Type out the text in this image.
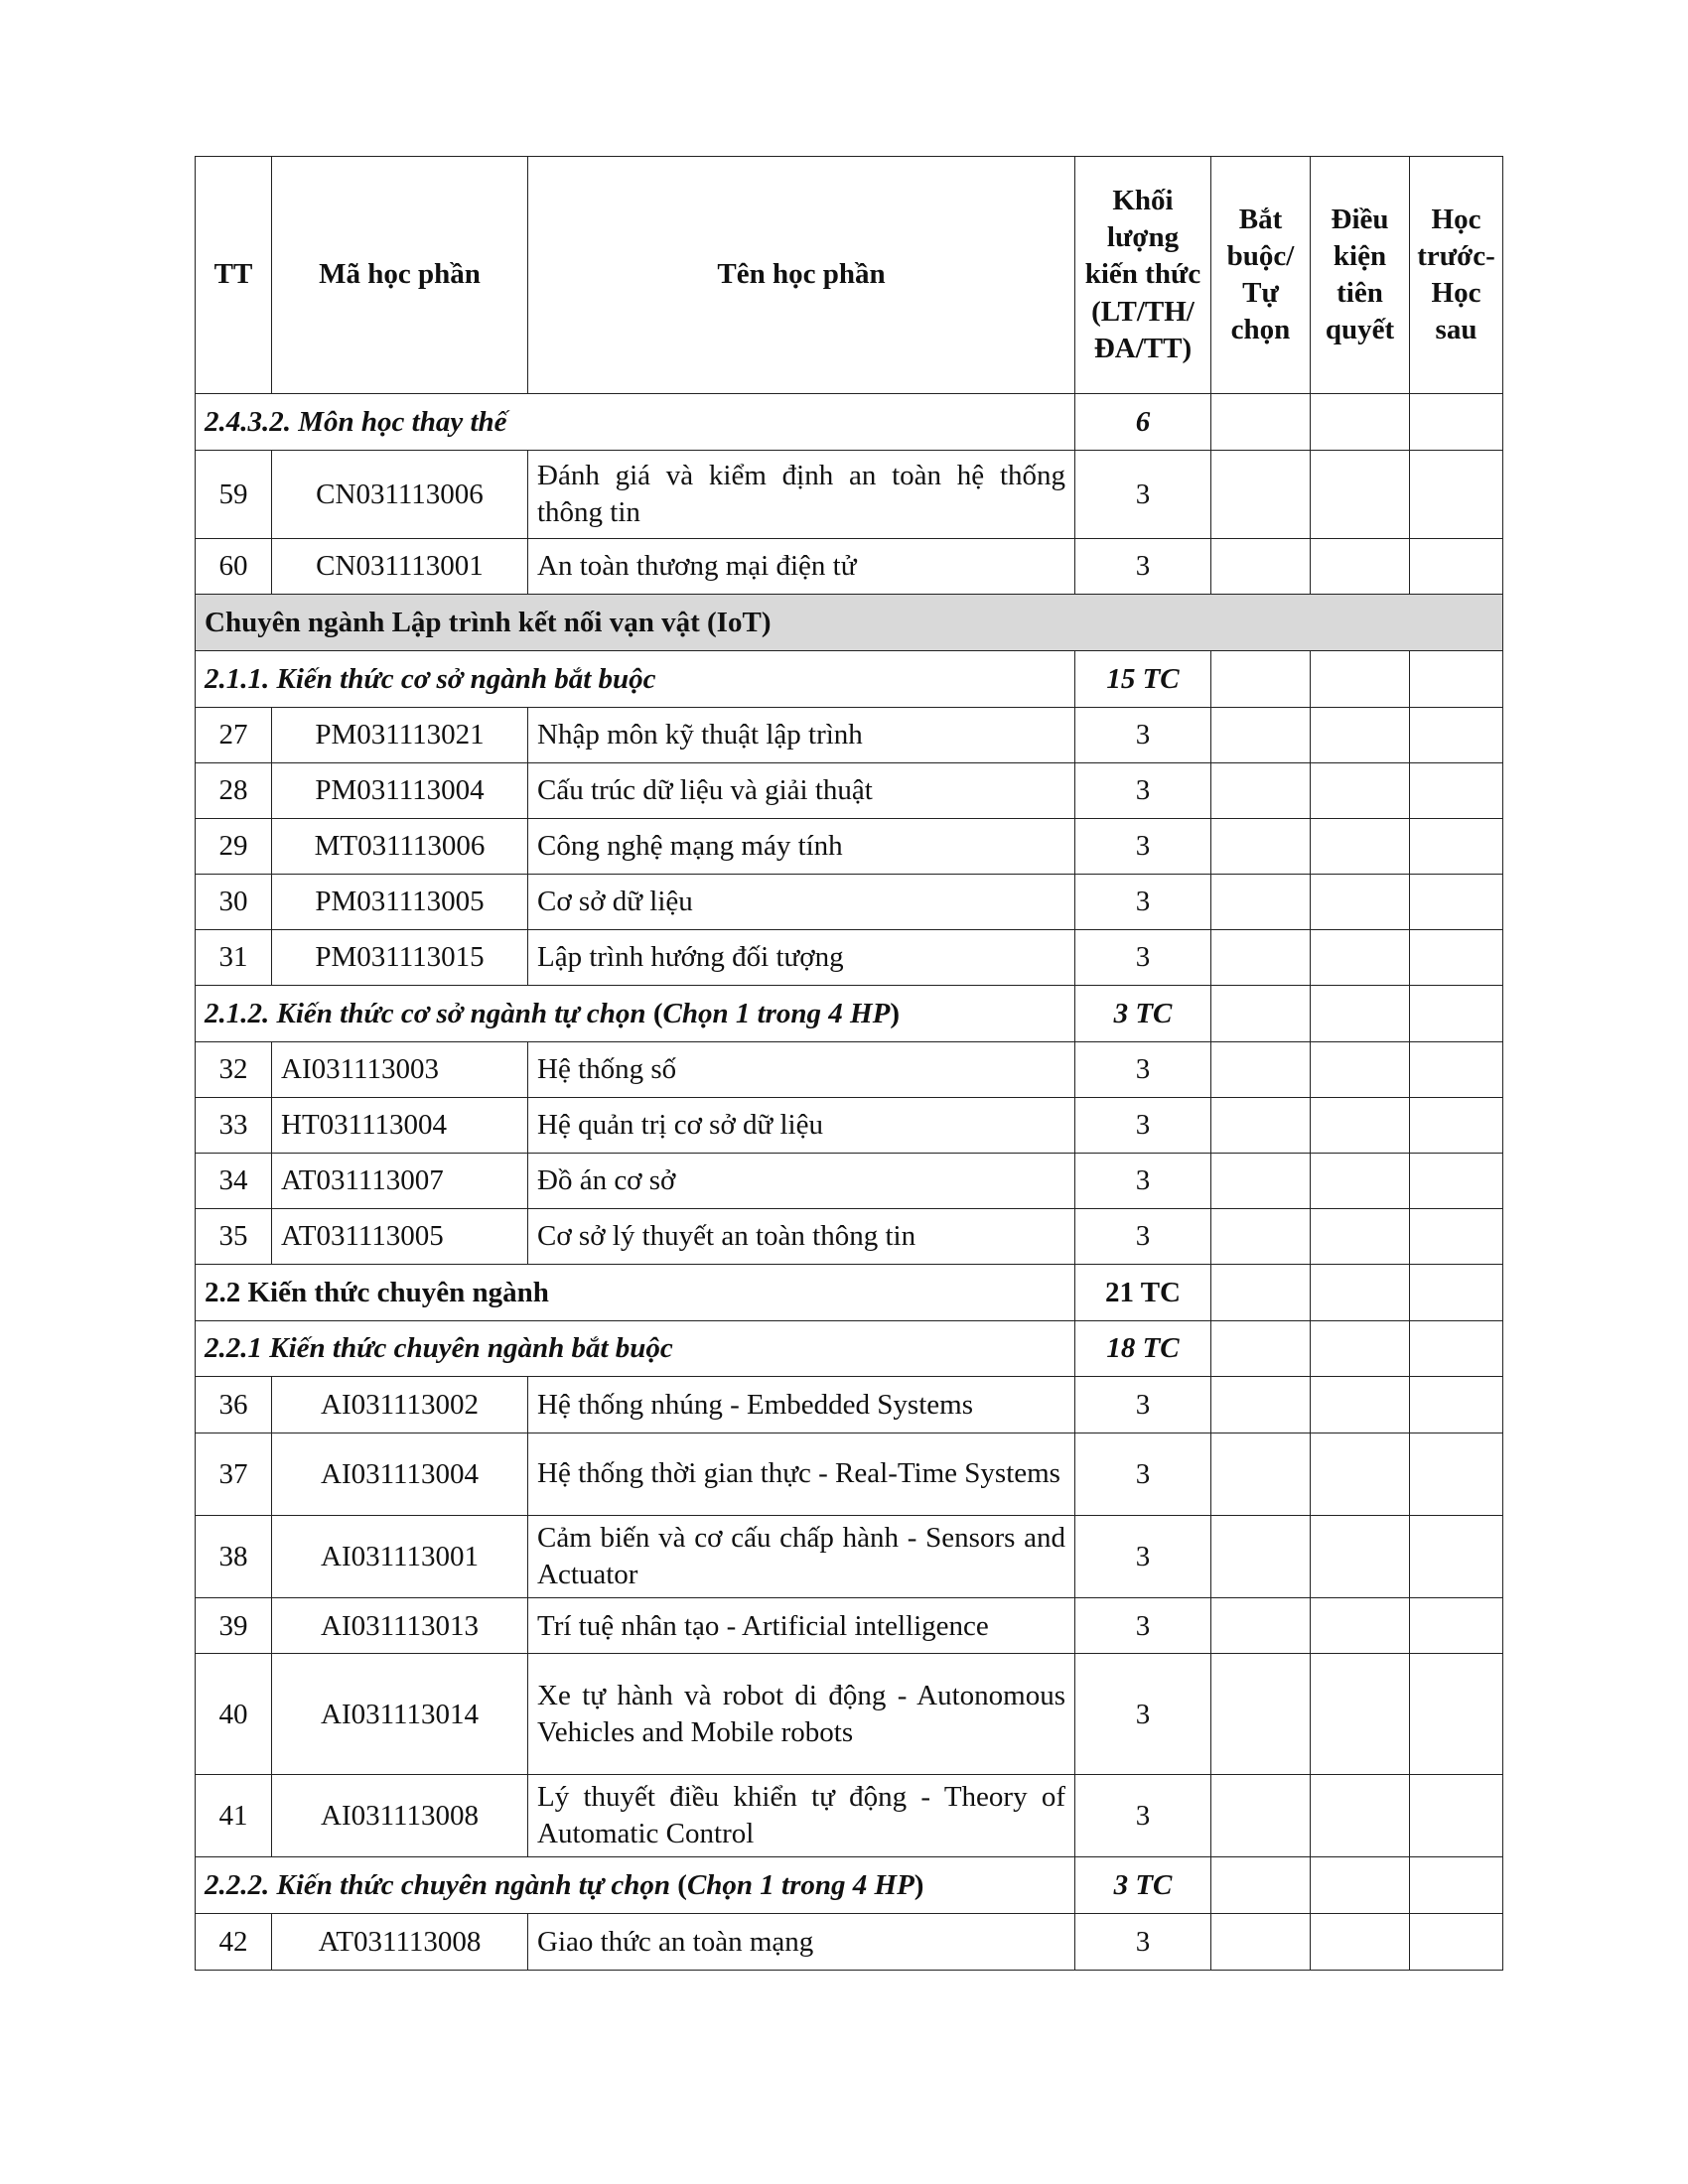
TT	Mã học phần	Tên học phần	Khối lượng kiến thức (LT/TH/ ĐA/TT)	Bắt buộc/ Tự chọn	Điều kiện tiên quyết	Học trước- Học sau
2.4.3.2. Môn học thay thế			6			
59	CN031113006	Đánh giá và kiểm định an toàn hệ thống thông tin	3			
60	CN031113001	An toàn thương mại điện tử	3			
Chuyên ngành Lập trình kết nối vạn vật (IoT)						
2.1.1. Kiến thức cơ sở ngành bắt buộc			15 TC			
27	PM031113021	Nhập môn kỹ thuật lập trình	3			
28	PM031113004	Cấu trúc dữ liệu và giải thuật	3			
29	MT031113006	Công nghệ mạng máy tính	3			
30	PM031113005	Cơ sở dữ liệu	3			
31	PM031113015	Lập trình hướng đối tượng	3			
2.1.2. Kiến thức cơ sở ngành tự chọn (Chọn 1 trong 4 HP)			3 TC			
32	AI031113003	Hệ thống số	3			
33	HT031113004	Hệ quản trị cơ sở dữ liệu	3			
34	AT031113007	Đồ án cơ sở	3			
35	AT031113005	Cơ sở lý thuyết an toàn thông tin	3			
2.2 Kiến thức chuyên ngành			21 TC			
2.2.1 Kiến thức chuyên ngành bắt buộc			18 TC			
36	AI031113002	Hệ thống nhúng - Embedded Systems	3			
37	AI031113004	Hệ thống thời gian thực - Real-Time Systems	3			
38	AI031113001	Cảm biến và cơ cấu chấp hành - Sensors and Actuator	3			
39	AI031113013	Trí tuệ nhân tạo - Artificial intelligence	3			
40	AI031113014	Xe tự hành và robot di động - Autonomous Vehicles and Mobile robots	3			
41	AI031113008	Lý thuyết điều khiển tự động - Theory of Automatic Control	3			
2.2.2. Kiến thức chuyên ngành tự chọn (Chọn 1 trong 4 HP)			3 TC			
42	AT031113008	Giao thức an toàn mạng	3			
